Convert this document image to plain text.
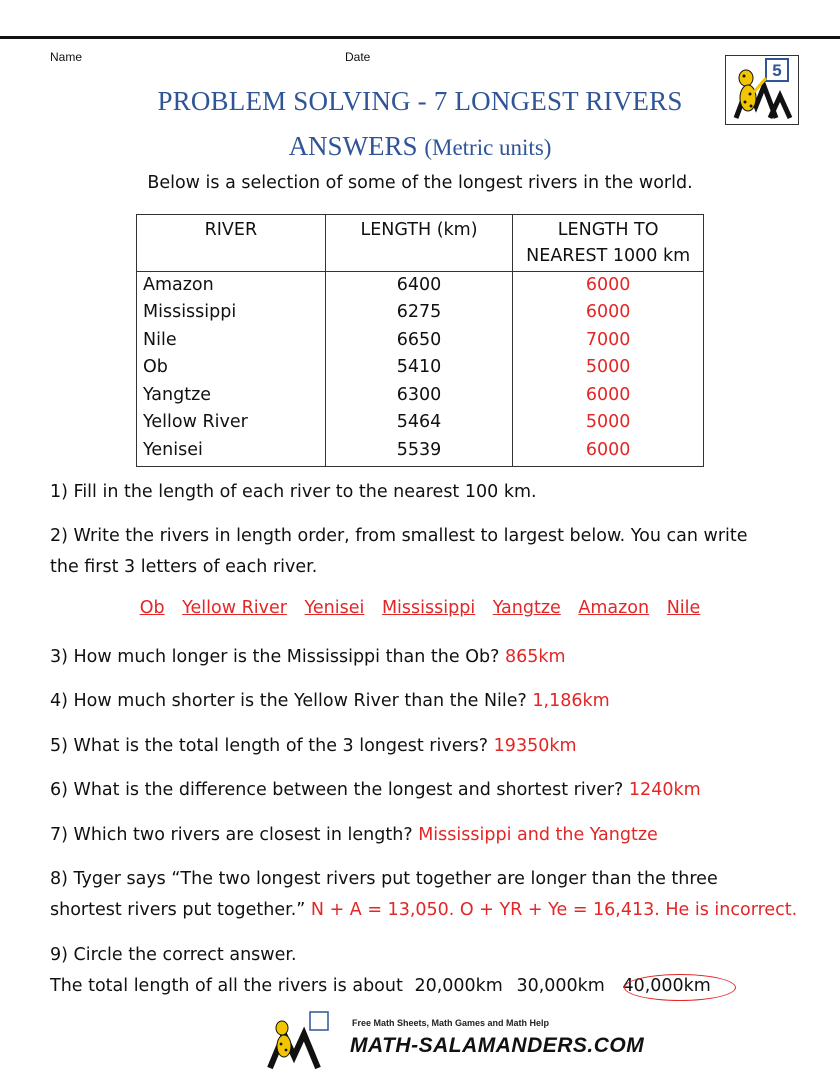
Name	Date
5
PROBLEM SOLVING - 7 LONGEST RIVERS
ANSWERS (Metric units)
Below is a selection of some of the longest rivers in the world.
RIVER	LENGTH (km)	LENGTH TO
NEAREST 1000 km

Amazon	6400	6000
Mississippi	6275	6000
Nile	6650	7000
Ob	5410	5000
Yangtze	6300	6000
Yellow River	5464	5000
Yenisei	5539	6000
1) Fill in the length of each river to the nearest 100 km.
2) Write the rivers in length order, from smallest to largest below. You can write
the first 3 letters of each river.
Ob Yellow River Yenisei Mississippi Yangtze Amazon Nile
3) How much longer is the Mississippi than the Ob? 865km
4) How much shorter is the Yellow River than the Nile? 1,186km
5) What is the total length of the 3 longest rivers? 19350km
6) What is the difference between the longest and shortest river? 1240km
7) Which two rivers are closest in length? Mississippi and the Yangtze
8) Tyger says “The two longest rivers put together are longer than the three
shortest rivers put together.” N + A = 13,050. O + YR + Ye = 16,413. He is incorrect.
9) Circle the correct answer.
The total length of all the rivers is about 20,000km 30,000km 40,000km
Free Math Sheets, Math Games and Math Help
MATH-SALAMANDERS.COM
